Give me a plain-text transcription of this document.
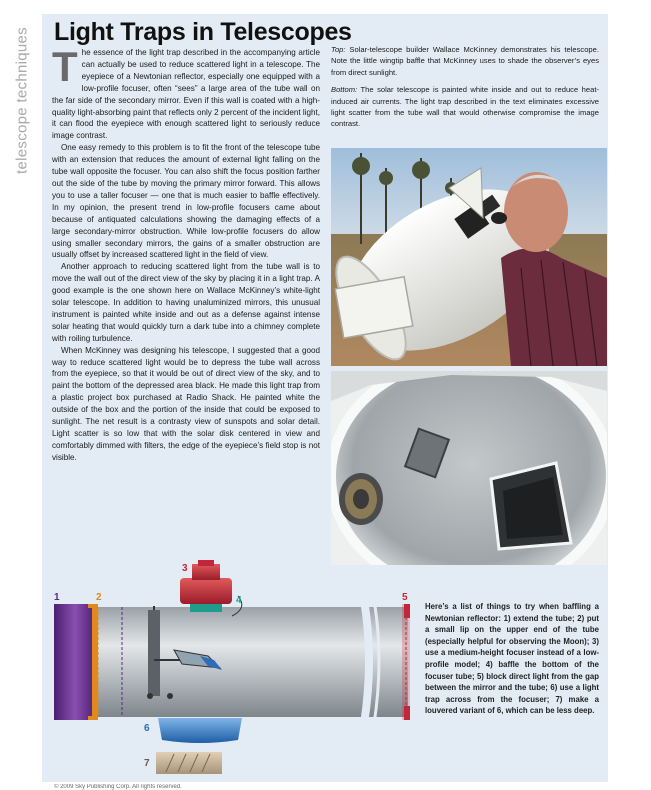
telescope techniques Light Traps in Telescopes

The essence of the light trap described in the accompanying article can actually be used to reduce scattered light in a telescope. The eyepiece of a Newtonian reflector, especially one equipped with a low-profile focuser, often “sees” a large area of the tube wall on the far side of the secondary mirror. Even if this wall is coated with a high-quality light-absorbing paint that reflects only 2 percent of the incident light, it can flood the eyepiece with enough scattered light to seriously reduce image contrast.

One easy remedy to this problem is to fit the front of the telescope tube with an extension that reduces the amount of external light falling on the tube wall opposite the focuser. You can also shift the focus position farther out the side of the tube by moving the primary mirror forward. This allows you to use a taller focuser — one that is much easier to baffle effectively. In my opinion, the present trend in low-profile focusers came about because of antiquated calculations showing the damaging effects of a large secondary-mirror obstruction. While low-profile focusers do allow using smaller secondary mirrors, the gains of a smaller obstruction are usually offset by increased scattered light in the field of view.

Another approach to reducing scattered light from the tube wall is to move the wall out of the direct view of the sky by placing it in a light trap. A good example is the one shown here on Wallace McKinney’s white-light solar telescope. In addition to having unaluminized mirrors, this unusual instrument is painted white inside and out as a defense against intense solar heating that would quickly turn a dark tube into a chimney complete with roiling turbulence.

When McKinney was designing his telescope, I suggested that a good way to reduce scattered light would be to depress the tube wall across from the eyepiece, so that it would be out of direct view of the sky, and to paint the bottom of the depressed area black. He made this light trap from a plastic project box purchased at Radio Shack. He painted white the outside of the box and the portion of the inside that could be exposed to sunlight. The net result is a contrasty view of sunspots and solar detail. Light scatter is so low that with the solar disk centered in view and comfortably dimmed with filters, the edge of the eyepiece’s field stop is not visible.

Top: Solar-telescope builder Wallace McKinney demonstrates his telescope. Note the little wingtip baffle that McKinney uses to shade the observer’s eyes from direct sunlight.

Bottom: The solar telescope is painted white inside and out to reduce heat-induced air currents. The light trap described in the text eliminates excessive light scatter from the tube wall that would otherwise compromise the image contrast.

1	2
3
4	5
6
7
Here’s a list of things to try when baffling a Newtonian reflector: 1) extend the tube; 2) put a small lip on the upper end of the tube (especially helpful for observing the Moon); 3) use a medium-height focuser instead of a low-profile model; 4) baffle the bottom of the focuser tube; 5) block direct light from the gap between the mirror and the tube; 6) use a light trap across from the focuser; 7) make a louvered variant of 6, which can be less deep.
© 2009 Sky Publishing Corp. All rights reserved.
